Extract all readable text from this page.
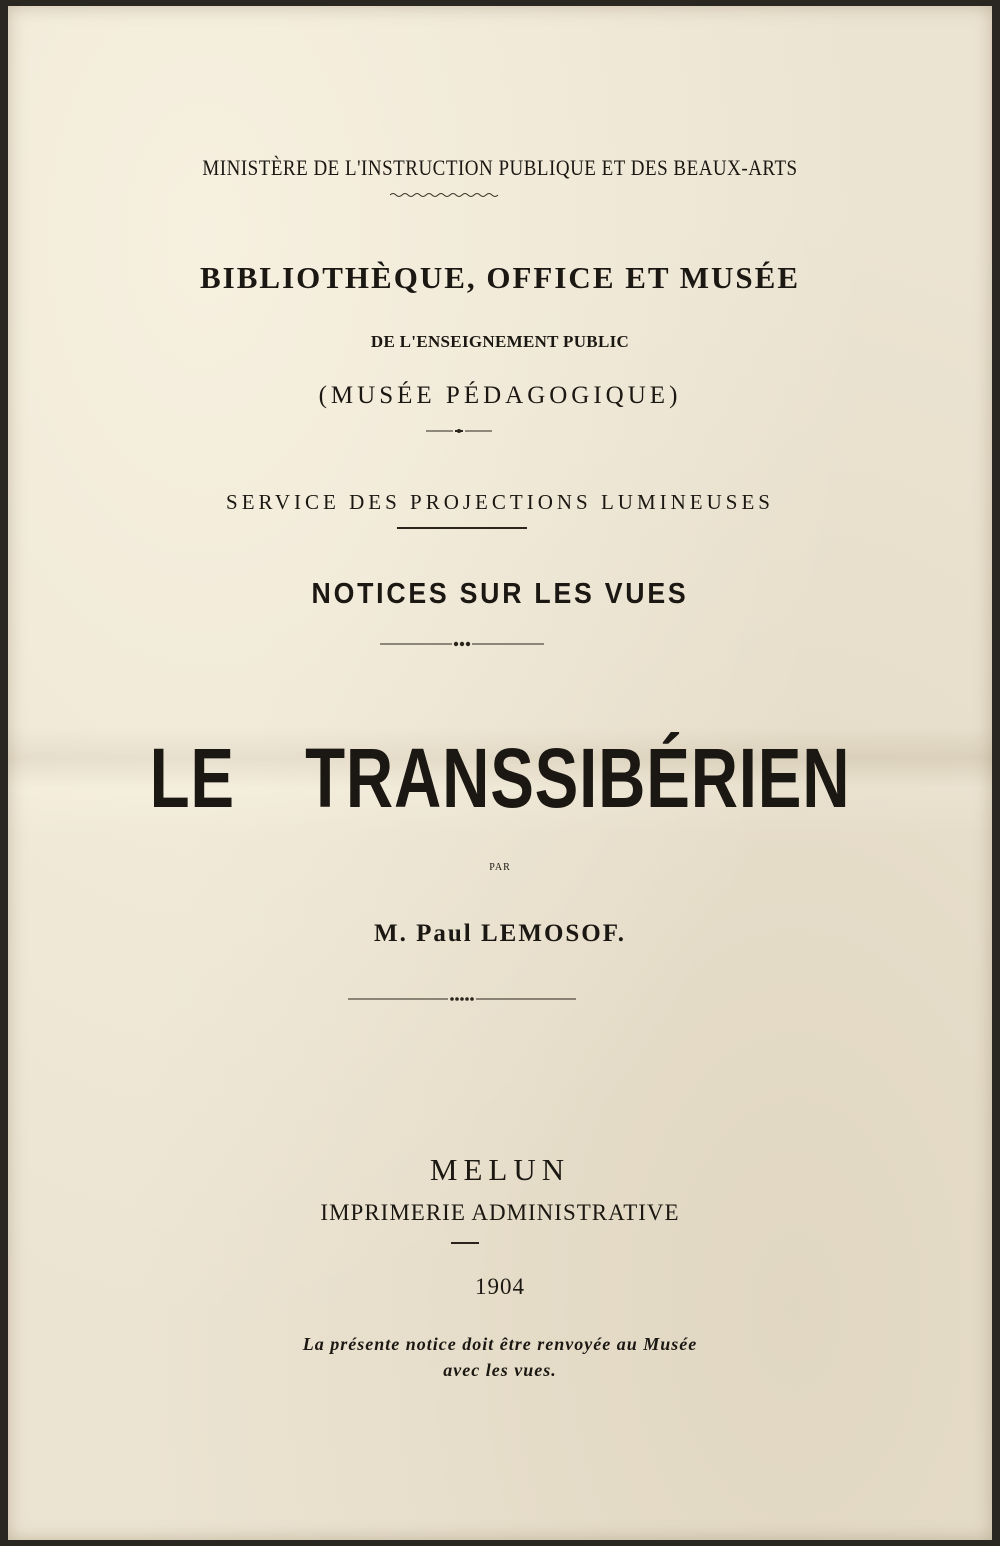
MINISTÈRE DE L'INSTRUCTION PUBLIQUE ET DES BEAUX-ARTS
BIBLIOTHÈQUE, OFFICE ET MUSÉE
DE L'ENSEIGNEMENT PUBLIC
(MUSÉE PÉDAGOGIQUE)
SERVICE DES PROJECTIONS LUMINEUSES
NOTICES SUR LES VUES
LE TRANSSIBÉRIEN
PAR
M. Paul LEMOSOF.
MELUN
IMPRIMERIE ADMINISTRATIVE
1904
La présente notice doit être renvoyée au Musée
avec les vues.
